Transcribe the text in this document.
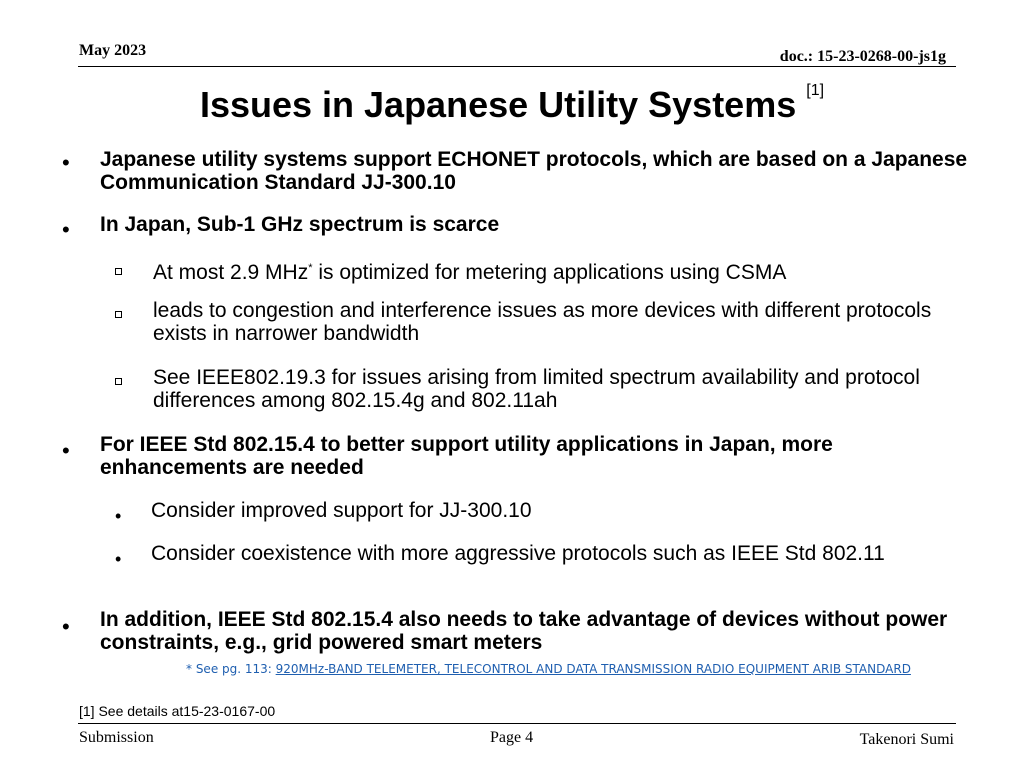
May 2023	doc.: 15-23-0268-00-js1g
Issues in Japanese Utility Systems [1]
• Japanese utility systems support ECHONET protocols, which are based on a Japanese Communication Standard JJ-300.10
• In Japan, Sub-1 GHz spectrum is scarce
At most 2.9 MHz* is optimized for metering applications using CSMA
leads to congestion and interference issues as more devices with different protocols exists in narrower bandwidth
See IEEE802.19.3 for issues arising from limited spectrum availability and protocol differences among 802.15.4g and 802.11ah
• For IEEE Std 802.15.4 to better support utility applications in Japan, more enhancements are needed
• Consider improved support for JJ-300.10
• Consider coexistence with more aggressive protocols such as IEEE Std 802.11
• In addition, IEEE Std 802.15.4 also needs to take advantage of devices without power constraints, e.g., grid powered smart meters
* See pg. 113: 920MHz-BAND TELEMETER, TELECONTROL AND DATA TRANSMISSION RADIO EQUIPMENT ARIB STANDARD
[1] See details at15-23-0167-00
Submission	Page 4	Takenori Sumi
